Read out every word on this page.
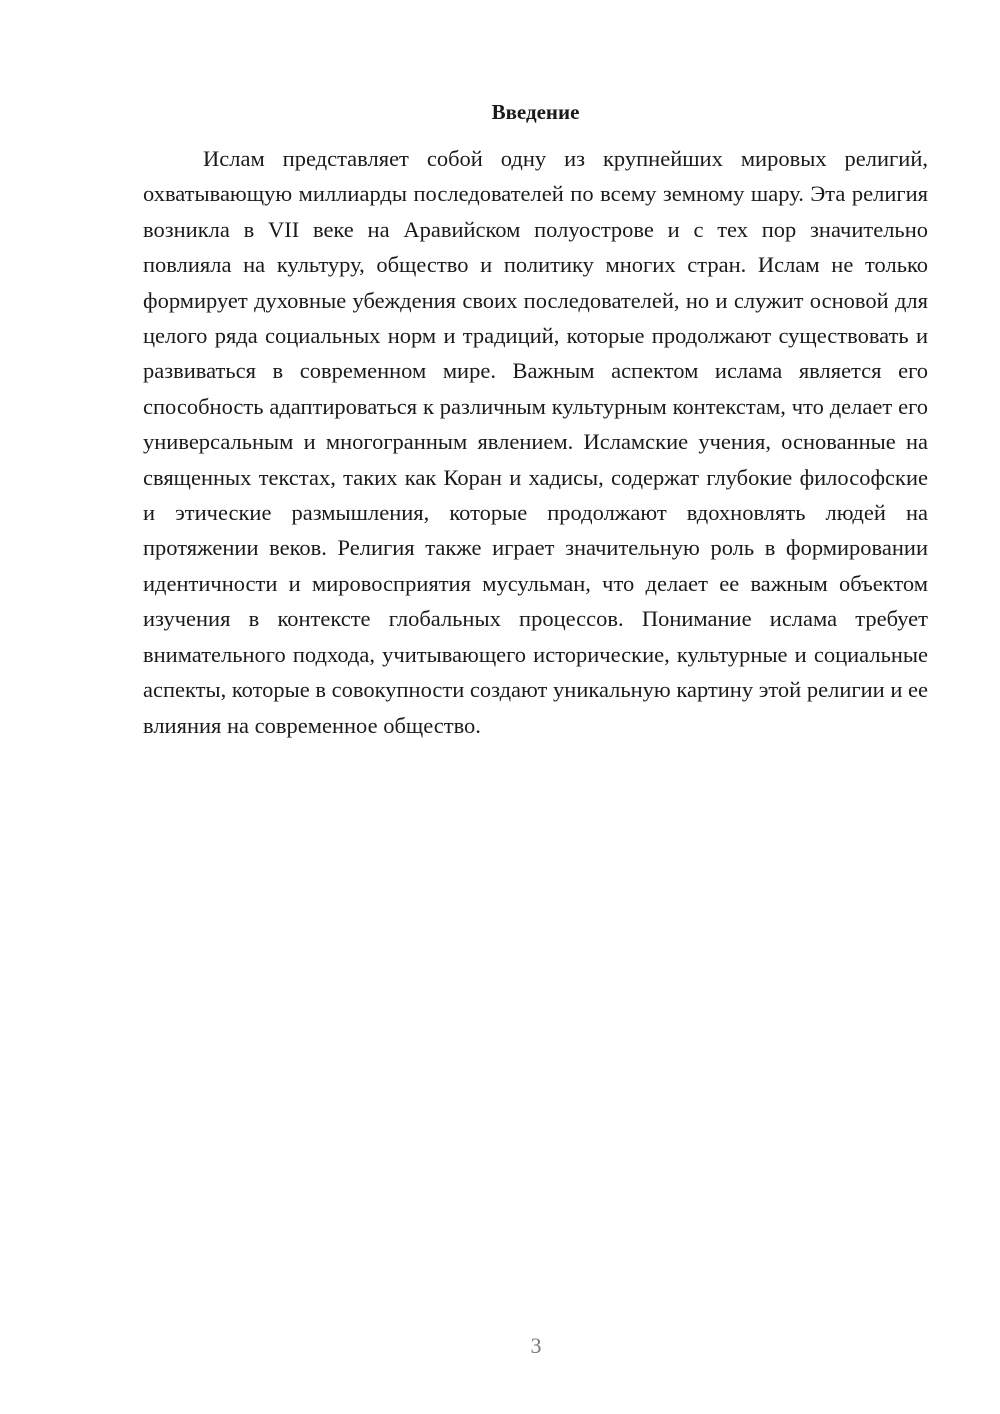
Введение

Ислам представляет собой одну из крупнейших мировых религий, охватывающую миллиарды последователей по всему земному шару. Эта религия возникла в VII веке на Аравийском полуострове и с тех пор значительно повлияла на культуру, общество и политику многих стран. Ислам не только формирует духовные убеждения своих последователей, но и служит основой для целого ряда социальных норм и традиций, которые продолжают существовать и развиваться в современном мире. Важным аспектом ислама является его способность адаптироваться к различным культурным контекстам, что делает его универсальным и многогранным явлением. Исламские учения, основанные на священных текстах, таких как Коран и хадисы, содержат глубокие философские и этические размышления, которые продолжают вдохновлять людей на протяжении веков. Религия также играет значительную роль в формировании идентичности и мировосприятия мусульман, что делает ее важным объектом изучения в контексте глобальных процессов. Понимание ислама требует внимательного подхода, учитывающего исторические, культурные и социальные аспекты, которые в совокупности создают уникальную картину этой религии и ее влияния на современное общество.

3
